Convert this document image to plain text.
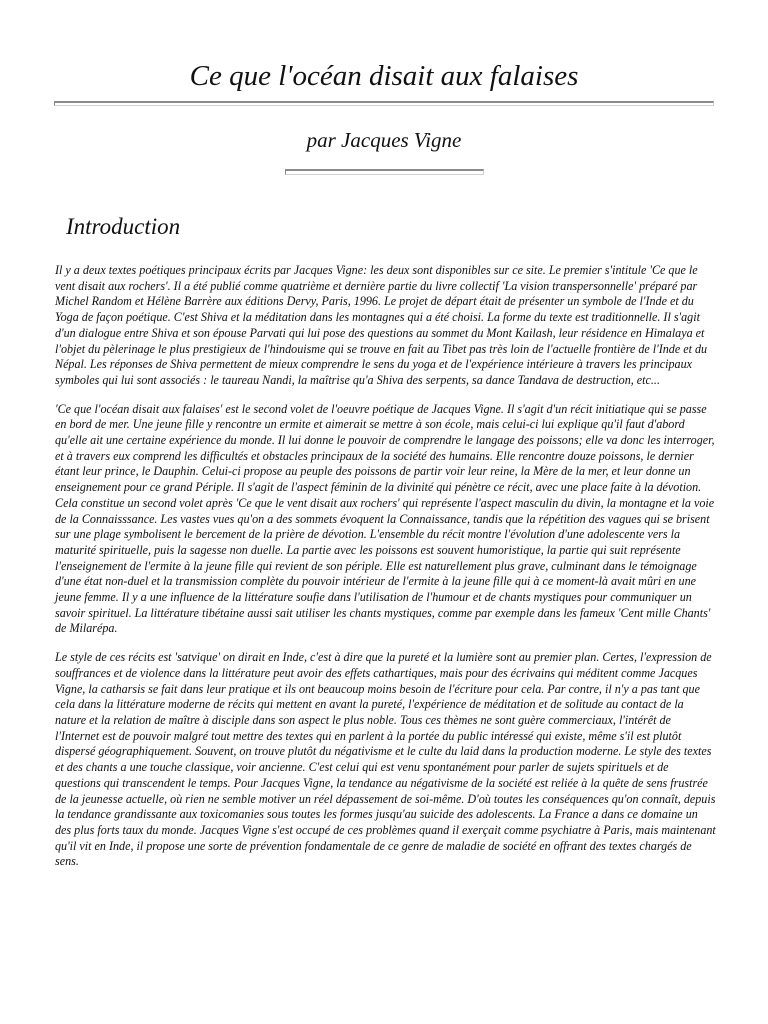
Ce que l'océan disait aux falaises
par Jacques Vigne
Introduction

Il y a deux textes poétiques principaux écrits par Jacques Vigne: les deux sont disponibles sur ce site. Le premier s'intitule 'Ce que le vent disait aux rochers'. Il a été publié comme quatrième et dernière partie du livre collectif 'La vision transpersonnelle' préparé par Michel Random et Hélène Barrère aux éditions Dervy, Paris, 1996. Le projet de départ était de présenter un symbole de l'Inde et du Yoga de façon poétique. C'est Shiva et la méditation dans les montagnes qui a été choisi. La forme du texte est traditionnelle. Il s'agit d'un dialogue entre Shiva et son épouse Parvati qui lui pose des questions au sommet du Mont Kailash, leur résidence en Himalaya et l'objet du pèlerinage le plus prestigieux de l'hindouisme qui se trouve en fait au Tibet pas très loin de l'actuelle frontière de l'Inde et du Népal. Les réponses de Shiva permettent de mieux comprendre le sens du yoga et de l'expérience intérieure à travers les principaux symboles qui lui sont associés : le taureau Nandi, la maîtrise qu'a Shiva des serpents, sa dance Tandava de destruction, etc...

'Ce que l'océan disait aux falaises' est le second volet de l'oeuvre poétique de Jacques Vigne. Il s'agit d'un récit initiatique qui se passe en bord de mer. Une jeune fille y rencontre un ermite et aimerait se mettre à son école, mais celui-ci lui explique qu'il faut d'abord qu'elle ait une certaine expérience du monde. Il lui donne le pouvoir de comprendre le langage des poissons; elle va donc les interroger, et à travers eux comprend les difficultés et obstacles principaux de la société des humains. Elle rencontre douze poissons, le dernier étant leur prince, le Dauphin. Celui-ci propose au peuple des poissons de partir voir leur reine, la Mère de la mer, et leur donne un enseignement pour ce grand Périple. Il s'agit de l'aspect féminin de la divinité qui pénètre ce récit, avec une place faite à la dévotion. Cela constitue un second volet après 'Ce que le vent disait aux rochers' qui représente l'aspect masculin du divin, la montagne et la voie de la Connaisssance. Les vastes vues qu'on a des sommets évoquent la Connaissance, tandis que la répétition des vagues qui se brisent sur une plage symbolisent le bercement de la prière de dévotion. L'ensemble du récit montre l'évolution d'une adolescente vers la maturité spirituelle, puis la sagesse non duelle. La partie avec les poissons est souvent humoristique, la partie qui suit représente l'enseignement de l'ermite à la jeune fille qui revient de son périple. Elle est naturellement plus grave, culminant dans le témoignage d'une état non-duel et la transmission complète du pouvoir intérieur de l'ermite à la jeune fille qui à ce moment-là avait mûri en une jeune femme. Il y a une influence de la littérature soufie dans l'utilisation de l'humour et de chants mystiques pour communiquer un savoir spirituel. La littérature tibétaine aussi sait utiliser les chants mystiques, comme par exemple dans les fameux 'Cent mille Chants' de Milarépa.

Le style de ces récits est 'satvique' on dirait en Inde, c'est à dire que la pureté et la lumière sont au premier plan. Certes, l'expression de souffrances et de violence dans la littérature peut avoir des effets cathartiques, mais pour des écrivains qui méditent comme Jacques Vigne, la catharsis se fait dans leur pratique et ils ont beaucoup moins besoin de l'écriture pour cela. Par contre, il n'y a pas tant que cela dans la littérature moderne de récits qui mettent en avant la pureté, l'expérience de méditation et de solitude au contact de la nature et la relation de maître à disciple dans son aspect le plus noble. Tous ces thèmes ne sont guère commerciaux, l'intérêt de l'Internet est de pouvoir malgré tout mettre des textes qui en parlent à la portée du public intéressé qui existe, même s'il est plutôt dispersé géographiquement. Souvent, on trouve plutôt du négativisme et le culte du laid dans la production moderne. Le style des textes et des chants a une touche classique, voir ancienne. C'est celui qui est venu spontanément pour parler de sujets spirituels et de questions qui transcendent le temps. Pour Jacques Vigne, la tendance au négativisme de la société est reliée à la quête de sens frustrée de la jeunesse actuelle, où rien ne semble motiver un réel dépassement de soi-même. D'où toutes les conséquences qu'on connaît, depuis la tendance grandissante aux toxicomanies sous toutes les formes jusqu'au suicide des adolescents. La France a dans ce domaine un des plus forts taux du monde. Jacques Vigne s'est occupé de ces problèmes quand il exerçait comme psychiatre à Paris, mais maintenant qu'il vit en Inde, il propose une sorte de prévention fondamentale de ce genre de maladie de société en offrant des textes chargés de sens.
